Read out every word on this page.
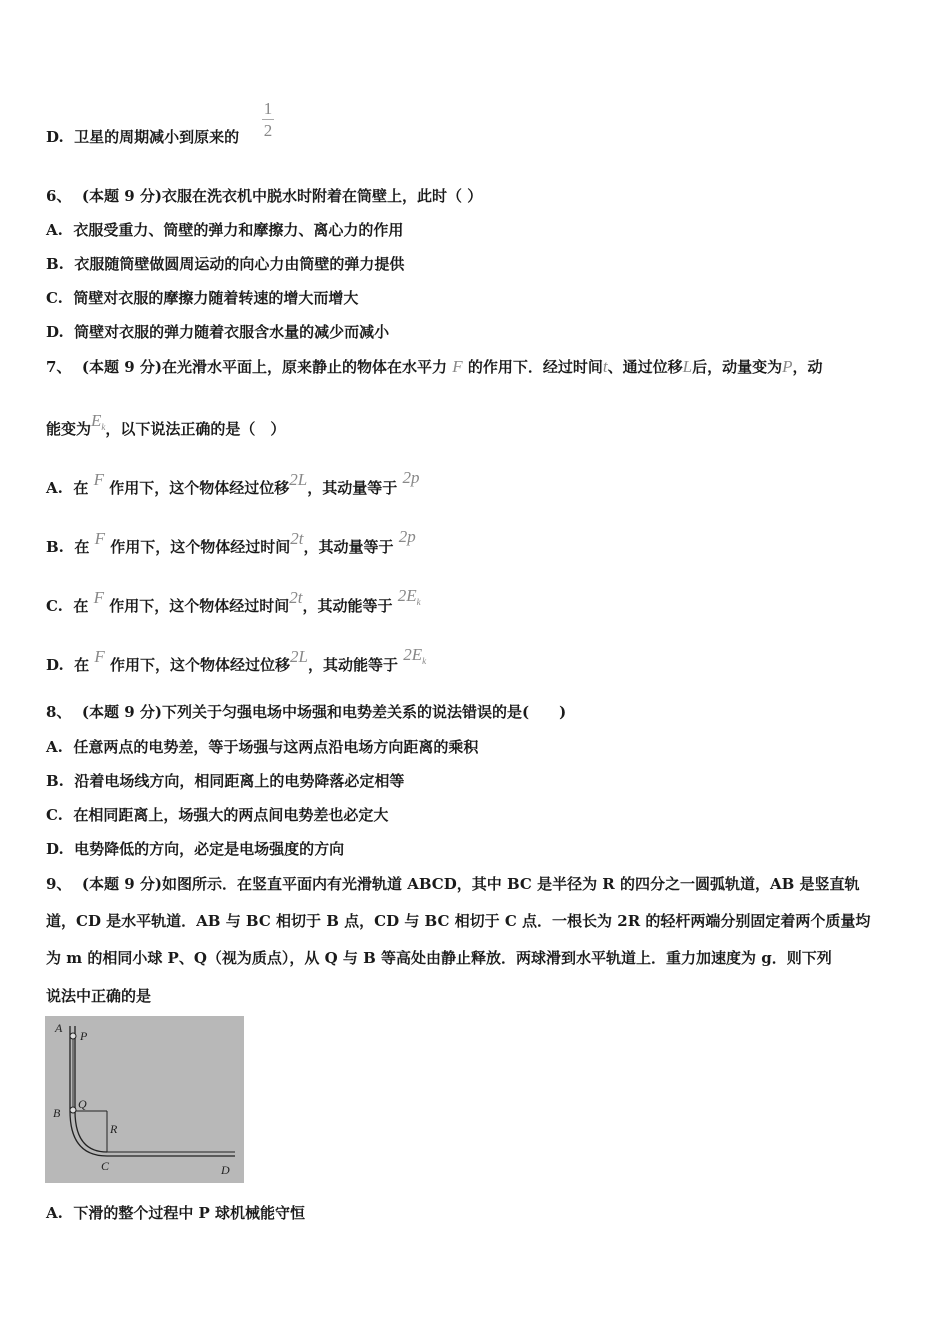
D. 卫星的周期减小到原来的
1
2
6、 (本题 9 分)衣服在洗衣机中脱水时附着在筒壁上，此时（ ）
A. 衣服受重力、筒壁的弹力和摩擦力、离心力的作用
B. 衣服随筒壁做圆周运动的向心力由筒壁的弹力提供
C. 筒壁对衣服的摩擦力随着转速的增大而增大
D. 筒壁对衣服的弹力随着衣服含水量的减少而减小
7、 (本题 9 分)在光滑水平面上，原来静止的物体在水平力 F 的作用下．经过时间t、通过位移L后，动量变为P，动
能变为$E_k$，以下说法正确的是（　）
A. 在 F 作用下，这个物体经过位移2L，其动量等于 2p
B. 在 F 作用下，这个物体经过时间2t，其动量等于 2p
C. 在 F 作用下，这个物体经过时间2t，其动能等于 $2E_k$
D. 在 F 作用下，这个物体经过位移2L，其动能等于 $2E_k$
8、 (本题 9 分)下列关于匀强电场中场强和电势差关系的说法错误的是(　　)
A. 任意两点的电势差，等于场强与这两点沿电场方向距离的乘积
B. 沿着电场线方向，相同距离上的电势降落必定相等
C. 在相同距离上，场强大的两点间电势差也必定大
D. 电势降低的方向，必定是电场强度的方向
9、 (本题 9 分)如图所示．在竖直平面内有光滑轨道 ABCD，其中 BC 是半径为 R 的四分之一圆弧轨道，AB 是竖直轨
道，CD 是水平轨道．AB 与 BC 相切于 B 点，CD 与 BC 相切于 C 点．一根长为 2R 的轻杆两端分别固定着两个质量均
为 m 的相同小球 P、Q（视为质点），从 Q 与 B 等高处由静止释放．两球滑到水平轨道上．重力加速度为 g．则下列
说法中正确的是
A
P
B
Q
R
C	D
A. 下滑的整个过程中 P 球机械能守恒
